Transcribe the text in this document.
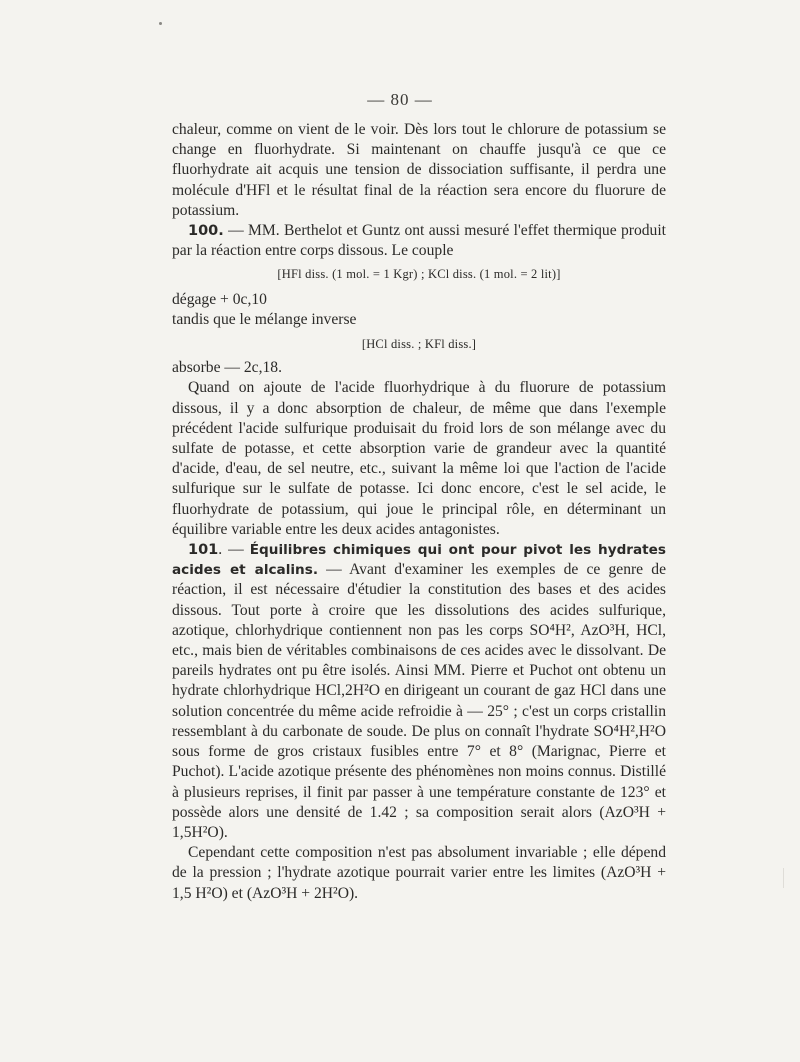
— 80 —

chaleur, comme on vient de le voir. Dès lors tout le chlorure de potassium se change en fluorhydrate. Si maintenant on chauffe jusqu'à ce que ce fluorhydrate ait acquis une tension de dissociation suffisante, il perdra une molécule d'HFl et le résultat final de la réaction sera encore du fluorure de potassium.

100. — MM. Berthelot et Guntz ont aussi mesuré l'effet thermique produit par la réaction entre corps dissous. Le couple

[HFl diss. (1 mol. = 1 Kgr) ; KCl diss. (1 mol. = 2 lit)]

dégage + 0c,10

tandis que le mélange inverse

[HCl diss. ; KFl diss.]

absorbe — 2c,18.

Quand on ajoute de l'acide fluorhydrique à du fluorure de potassium dissous, il y a donc absorption de chaleur, de même que dans l'exemple précédent l'acide sulfurique produisait du froid lors de son mélange avec du sulfate de potasse, et cette absorption varie de grandeur avec la quantité d'acide, d'eau, de sel neutre, etc., suivant la même loi que l'action de l'acide sulfurique sur le sulfate de potasse. Ici donc encore, c'est le sel acide, le fluorhydrate de potassium, qui joue le principal rôle, en déterminant un équilibre variable entre les deux acides antagonistes.

101. — Équilibres chimiques qui ont pour pivot les hydrates acides et alcalins. — Avant d'examiner les exemples de ce genre de réaction, il est nécessaire d'étudier la constitution des bases et des acides dissous. Tout porte à croire que les dissolutions des acides sulfurique, azotique, chlorhydrique contiennent non pas les corps SO⁴H², AzO³H, HCl, etc., mais bien de véritables combinaisons de ces acides avec le dissolvant. De pareils hydrates ont pu être isolés. Ainsi MM. Pierre et Puchot ont obtenu un hydrate chlorhydrique HCl,2H²O en dirigeant un courant de gaz HCl dans une solution concentrée du même acide refroidie à — 25° ; c'est un corps cristallin ressemblant à du carbonate de soude. De plus on connaît l'hydrate SO⁴H²,H²O sous forme de gros cristaux fusibles entre 7° et 8° (Marignac, Pierre et Puchot). L'acide azotique présente des phénomènes non moins connus. Distillé à plusieurs reprises, il finit par passer à une température constante de 123° et possède alors une densité de 1.42 ; sa composition serait alors (AzO³H + 1,5H²O).

Cependant cette composition n'est pas absolument invariable ; elle dépend de la pression ; l'hydrate azotique pourrait varier entre les limites (AzO³H + 1,5 H²O) et (AzO³H + 2H²O).
